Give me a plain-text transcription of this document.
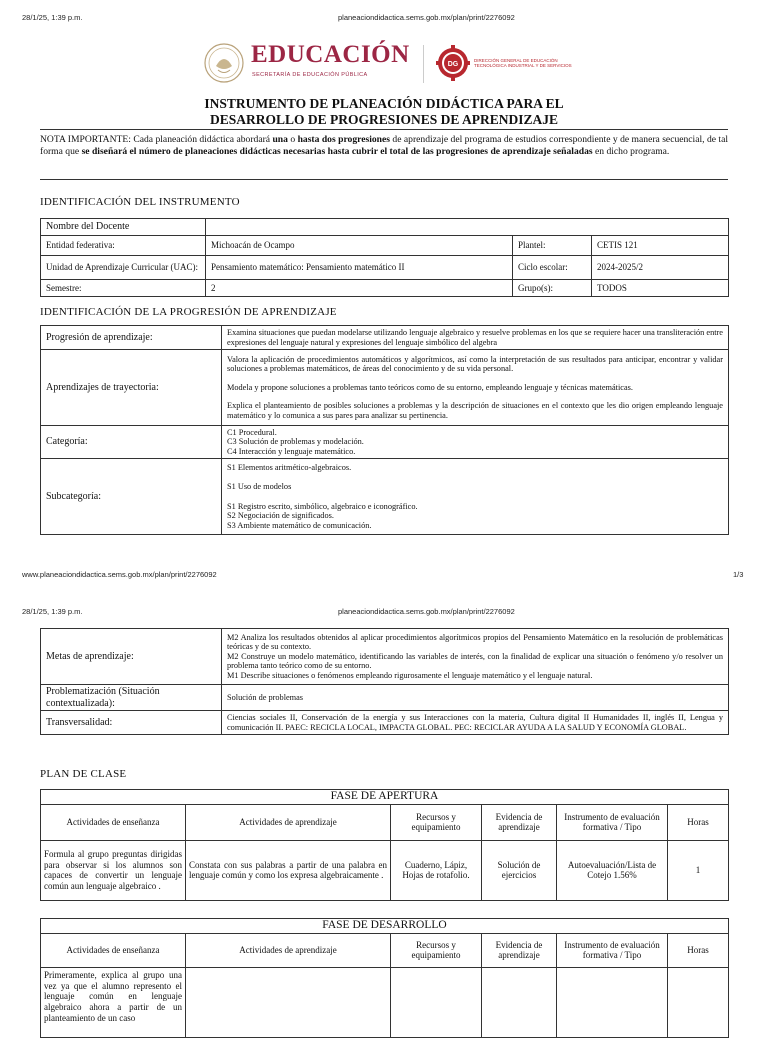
28/1/25, 1:39 p.m.	planeaciondidactica.sems.gob.mx/plan/print/2276092
EDUCACIÓN
SECRETARÍA DE EDUCACIÓN PÚBLICA
DG
DIRECCIÓN GENERAL DE EDUCACIÓN
TECNOLÓGICA INDUSTRIAL Y DE SERVICIOS
INSTRUMENTO DE PLANEACIÓN DIDÁCTICA PARA EL
DESARROLLO DE PROGRESIONES DE APRENDIZAJE
NOTA IMPORTANTE: Cada planeación didáctica abordará una o hasta dos progresiones de aprendizaje del programa de estudios correspondiente y de manera secuencial, de tal forma que se diseñará el número de planeaciones didácticas necesarias hasta cubrir el total de las progresiones de aprendizaje señaladas en dicho programa.
IDENTIFICACIÓN DEL INSTRUMENTO
Nombre del Docente			
Entidad federativa:	Michoacán de Ocampo	Plantel:	CETIS 121
Unidad de Aprendizaje Curricular (UAC):	Pensamiento matemático: Pensamiento matemático II	Ciclo escolar:	2024-2025/2
Semestre:	2	Grupo(s):	TODOS
IDENTIFICACIÓN DE LA PROGRESIÓN DE APRENDIZAJE
Progresión de aprendizaje:	Examina situaciones que puedan modelarse utilizando lenguaje algebraico y resuelve problemas en los que se requiere hacer una transliteración entre expresiones del lenguaje natural y expresiones del lenguaje simbólico del algebra
Aprendizajes de trayectoria:	Valora la aplicación de procedimientos automáticos y algorítmicos, así como la interpretación de sus resultados para anticipar, encontrar y validar soluciones a problemas matemáticos, de áreas del conocimiento y de su vida personal.
Modela y propone soluciones a problemas tanto teóricos como de su entorno, empleando lenguaje y técnicas matemáticas.
Explica el planteamiento de posibles soluciones a problemas y la descripción de situaciones en el contexto que les dio origen empleando lenguaje matemático y lo comunica a sus pares para analizar su pertinencia.

Categoría:	C1 Procedural.
C3 Solución de problemas y modelación.
C4 Interacción y lenguaje matemático.

Subcategoría:	S1 Elementos aritmético-algebraicos.
S1 Uso de modelos
S1 Registro escrito, simbólico, algebraico e iconográfico.
S2 Negociación de significados.
S3 Ambiente matemático de comunicación.
www.planeaciondidactica.sems.gob.mx/plan/print/2276092	1/3
28/1/25, 1:39 p.m.	planeaciondidactica.sems.gob.mx/plan/print/2276092
Metas de aprendizaje:	M2 Analiza los resultados obtenidos al aplicar procedimientos algorítmicos propios del Pensamiento Matemático en la resolución de problemáticas teóricas y de su contexto.
M2 Construye un modelo matemático, identificando las variables de interés, con la finalidad de explicar una situación o fenómeno y/o resolver un problema tanto teórico como de su entorno.
M1 Describe situaciones o fenómenos empleando rigurosamente el lenguaje matemático y el lenguaje natural.

Problematización (Situación contextualizada):	Solución de problemas
Transversalidad:	Ciencias sociales II, Conservación de la energía y sus Interacciones con la materia, Cultura digital II Humanidades II, inglés II, Lengua y comunicación II. PAEC: RECICLA LOCAL, IMPACTA GLOBAL. PEC: RECICLAR AYUDA A LA SALUD Y ECONOMÍA GLOBAL.
PLAN DE CLASE
FASE DE APERTURA					
Actividades de enseñanza	Actividades de aprendizaje	Recursos y equipamiento	Evidencia de aprendizaje	Instrumento de evaluación formativa / Tipo	Horas
Formula al grupo preguntas dirigidas para observar si los alumnos son capaces de convertir un lenguaje común aun lenguaje algebraico .	Constata con sus palabras a partir de una palabra en lenguaje común y como los expresa algebraicamente .	Cuaderno, Lápiz, Hojas de rotafolio.	Solución de ejercicios	Autoevaluación/Lista de Cotejo 1.56%	1
FASE DE DESARROLLO					
Actividades de enseñanza	Actividades de aprendizaje	Recursos y equipamiento	Evidencia de aprendizaje	Instrumento de evaluación formativa / Tipo	Horas
Primeramente, explica al grupo una vez ya que el alumno represento el lenguaje común en lenguaje algebraico ahora a partir de un planteamiento de un caso					
